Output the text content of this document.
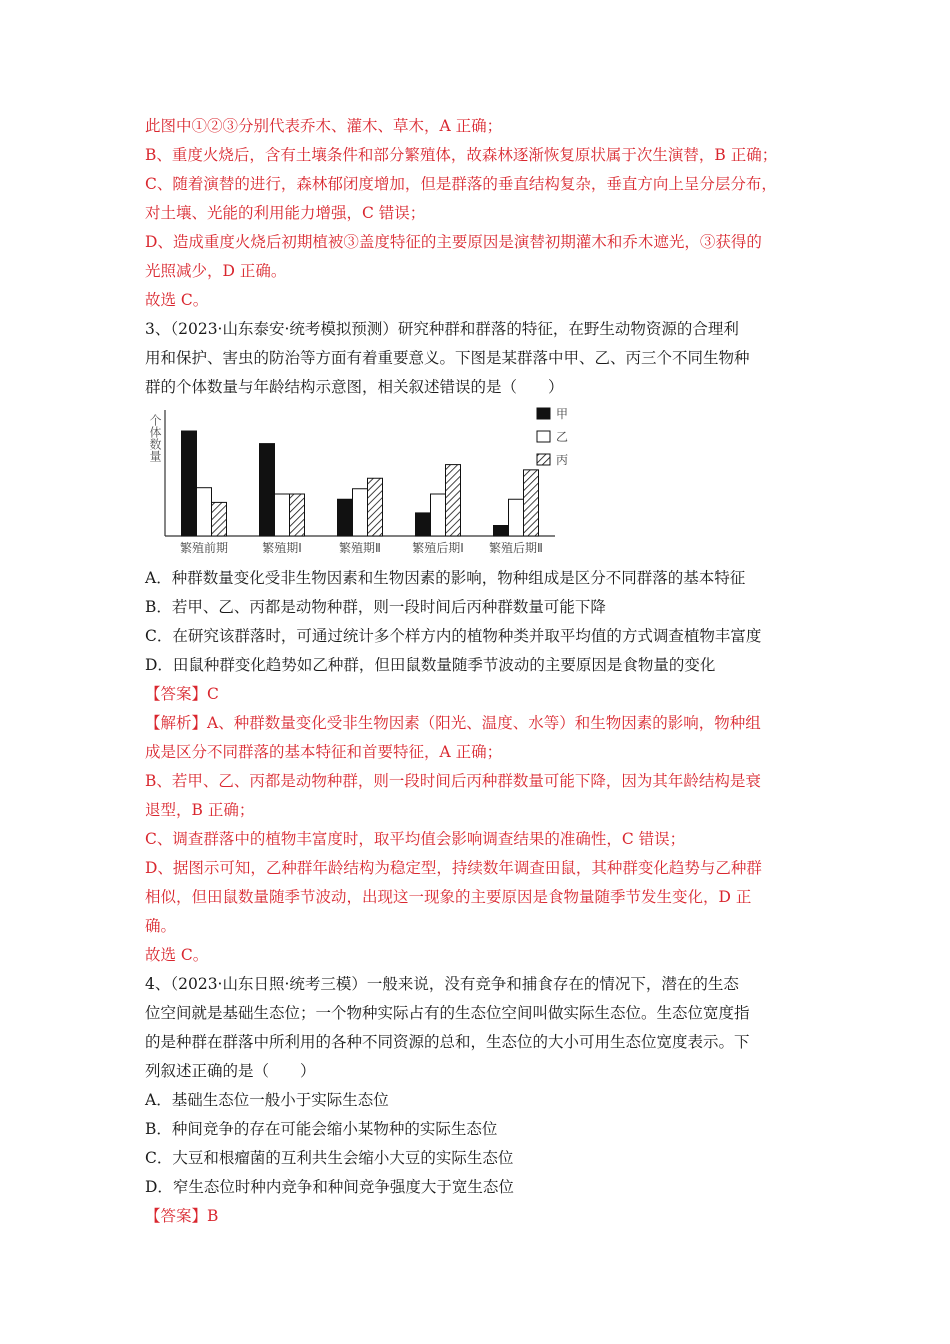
此图中①②③分别代表乔木、灌木、草木，A 正确；
B、重度火烧后，含有土壤条件和部分繁殖体，故森林逐渐恢复原状属于次生演替，B 正确；
C、随着演替的进行，森林郁闭度增加，但是群落的垂直结构复杂，垂直方向上呈分层分布，
对土壤、光能的利用能力增强，C 错误；
D、造成重度火烧后初期植被③盖度特征的主要原因是演替初期灌木和乔木遮光，③获得的
光照减少，D 正确。
故选 C。
3、（2023·山东泰安·统考模拟预测）研究种群和群落的特征，在野生动物资源的合理利
用和保护、害虫的防治等方面有着重要意义。下图是某群落中甲、乙、丙三个不同生物种
群的个体数量与年龄结构示意图，相关叙述错误的是（　　）
个体数量
繁殖前期	繁殖期Ⅰ	繁殖期Ⅱ	繁殖后期Ⅰ 繁殖后期Ⅱ
甲
乙
丙
A．种群数量变化受非生物因素和生物因素的影响，物种组成是区分不同群落的基本特征
B．若甲、乙、丙都是动物种群，则一段时间后丙种群数量可能下降
C．在研究该群落时，可通过统计多个样方内的植物种类并取平均值的方式调查植物丰富度
D．田鼠种群变化趋势如乙种群，但田鼠数量随季节波动的主要原因是食物量的变化
【答案】C
【解析】A、种群数量变化受非生物因素（阳光、温度、水等）和生物因素的影响，物种组
成是区分不同群落的基本特征和首要特征，A 正确；
B、若甲、乙、丙都是动物种群，则一段时间后丙种群数量可能下降，因为其年龄结构是衰
退型，B 正确；
C、调查群落中的植物丰富度时，取平均值会影响调查结果的准确性，C 错误；
D、据图示可知，乙种群年龄结构为稳定型，持续数年调查田鼠，其种群变化趋势与乙种群
相似，但田鼠数量随季节波动，出现这一现象的主要原因是食物量随季节发生变化，D 正
确。
故选 C。
4、（2023·山东日照·统考三模）一般来说，没有竞争和捕食存在的情况下，潜在的生态
位空间就是基础生态位；一个物种实际占有的生态位空间叫做实际生态位。生态位宽度指
的是种群在群落中所利用的各种不同资源的总和，生态位的大小可用生态位宽度表示。下
列叙述正确的是（　　）
A．基础生态位一般小于实际生态位
B．种间竞争的存在可能会缩小某物种的实际生态位
C．大豆和根瘤菌的互利共生会缩小大豆的实际生态位
D．窄生态位时种内竞争和种间竞争强度大于宽生态位
【答案】B
